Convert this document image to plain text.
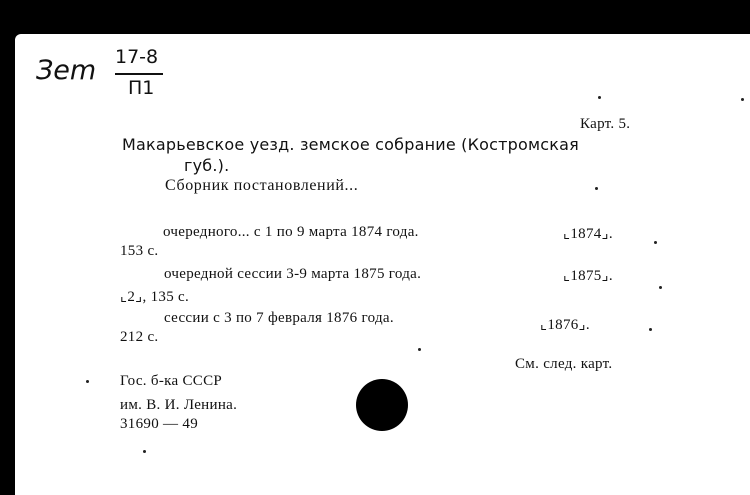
Зem 17-8
П1
Карт. 5.
Макарьевское уезд. земское собрание (Костромская
губ.).
Сборник постановлений...
очередного... с 1 по 9 марта 1874 года.	⌞1874⌟.
153 с.
очередной сессии 3-9 марта 1875 года.	⌞1875⌟.
⌞2⌟, 135 с.
сессии с 3 по 7 февраля 1876 года.	⌞1876⌟.
212 с.
См. след. карт.
Гос. б-ка СССР
им. В. И. Ленина.
31690 — 49
